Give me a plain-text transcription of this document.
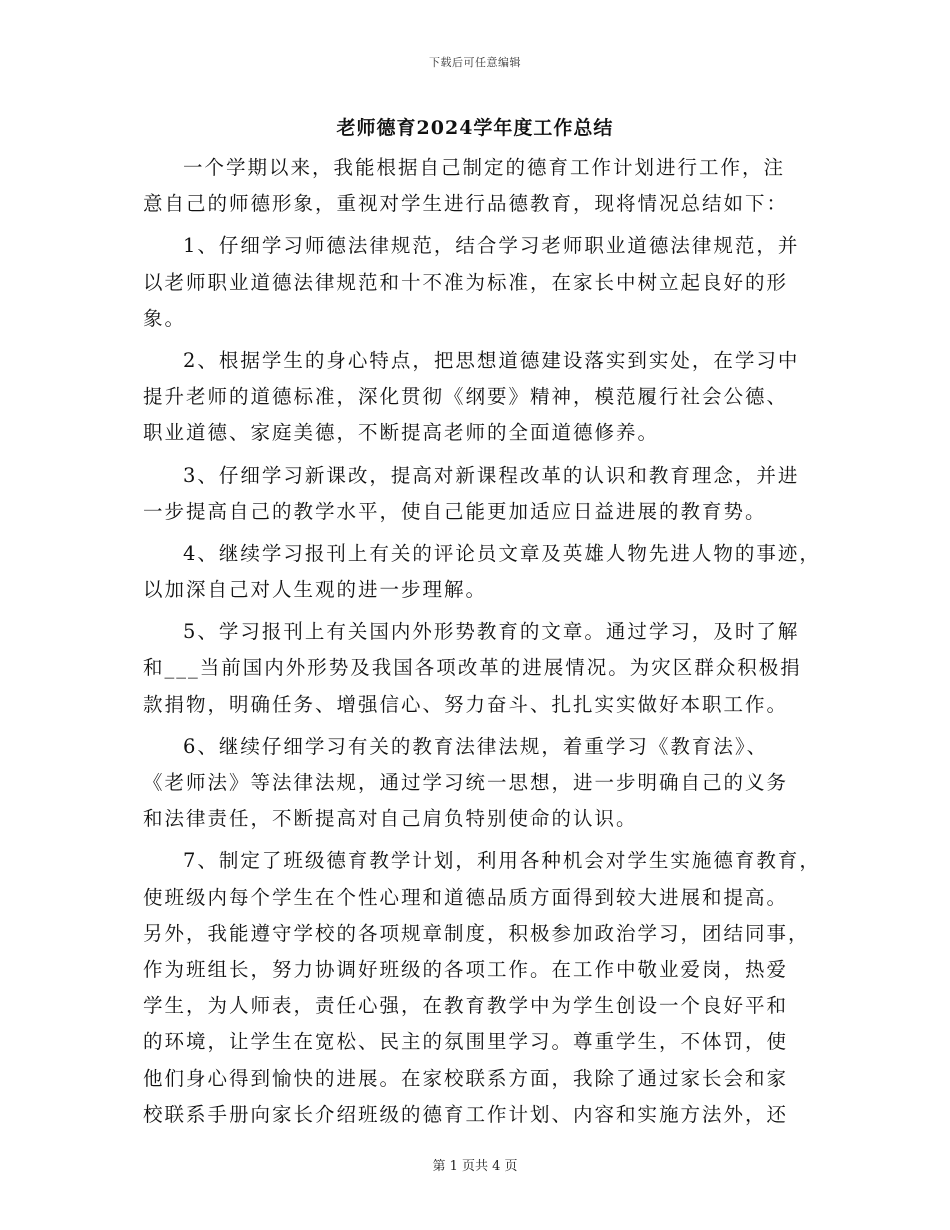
下载后可任意编辑
老师德育2024学年度工作总结
一个学期以来，我能根据自己制定的德育工作计划进行工作，注
意自己的师德形象，重视对学生进行品德教育，现将情况总结如下：
1、仔细学习师德法律规范，结合学习老师职业道德法律规范，并
以老师职业道德法律规范和十不准为标准，在家长中树立起良好的形
象。
2、根据学生的身心特点，把思想道德建设落实到实处，在学习中
提升老师的道德标准，深化贯彻《纲要》精神，模范履行社会公德、
职业道德、家庭美德，不断提高老师的全面道德修养。
3、仔细学习新课改，提高对新课程改革的认识和教育理念，并进
一步提高自己的教学水平，使自己能更加适应日益进展的教育势。
4、继续学习报刊上有关的评论员文章及英雄人物先进人物的事迹，
以加深自己对人生观的进一步理解。
5、学习报刊上有关国内外形势教育的文章。通过学习，及时了解
和___当前国内外形势及我国各项改革的进展情况。为灾区群众积极捐
款捐物，明确任务、增强信心、努力奋斗、扎扎实实做好本职工作。
6、继续仔细学习有关的教育法律法规，着重学习《教育法》、
《老师法》等法律法规，通过学习统一思想，进一步明确自己的义务
和法律责任，不断提高对自己肩负特别使命的认识。
7、制定了班级德育教学计划，利用各种机会对学生实施德育教育，
使班级内每个学生在个性心理和道德品质方面得到较大进展和提高。
另外，我能遵守学校的各项规章制度，积极参加政治学习，团结同事，
作为班组长，努力协调好班级的各项工作。在工作中敬业爱岗，热爱
学生，为人师表，责任心强，在教育教学中为学生创设一个良好平和
的环境，让学生在宽松、民主的氛围里学习。尊重学生，不体罚，使
他们身心得到愉快的进展。在家校联系方面，我除了通过家长会和家
校联系手册向家长介绍班级的德育工作计划、内容和实施方法外，还
第 1 页共 4 页
